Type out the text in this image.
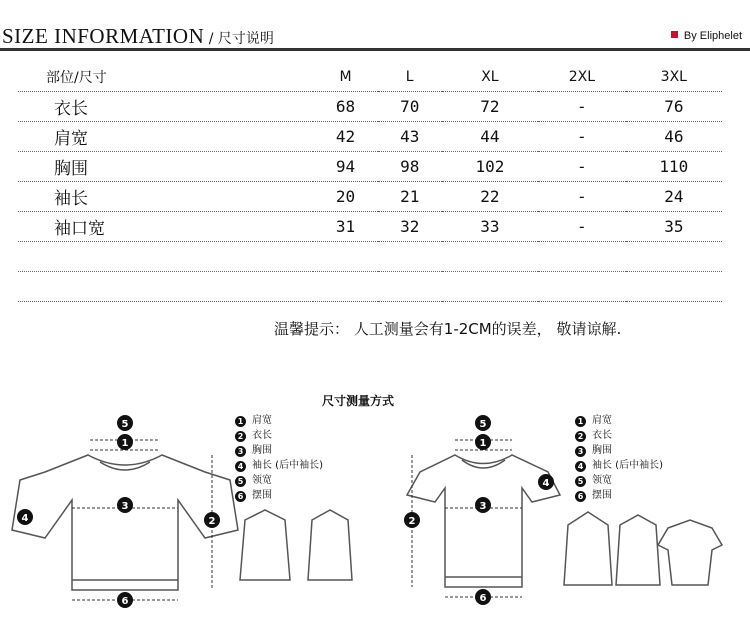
SIZE INFORMATION / 尺寸说明	By Eliphelet
部位/尺寸	M	L	XL	2XL	3XL
衣长	68	70	72	-	76
肩宽	42	43	44	-	46
胸围	94	98	102	-	110
袖长	20	21	22	-	24
袖口宽	31	32	33	-	35

温馨提示： 人工测量会有1-2CM的误差， 敬请谅解.
尺寸测量方式
5
1
3
4	2
6
5
1
3
4
2
6
1 肩宽
2 衣长
3 胸围
4 袖长 (后中袖长)
5 领宽
6 摆围
1 肩宽
2 衣长
3 胸围
4 袖长 (后中袖长)
5 领宽
6 摆围
